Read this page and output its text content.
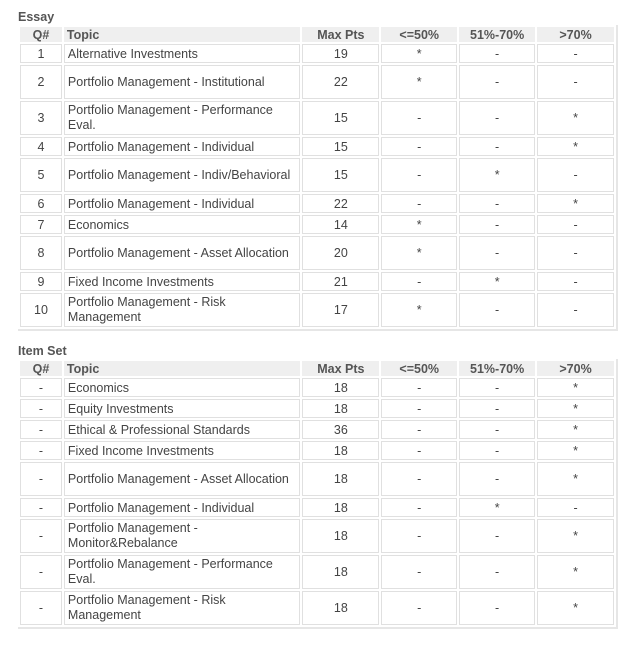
Essay
Q#	Topic	Max Pts	<=50%	51%-70%	>70%
1	Alternative Investments	19	*	-	-
2	Portfolio Management - Institutional	22	*	-	-
3	Portfolio Management - Performance Eval.	15	-	-	*
4	Portfolio Management - Individual	15	-	-	*
5	Portfolio Management - Indiv/Behavioral	15	-	*	-
6	Portfolio Management - Individual	22	-	-	*
7	Economics	14	*	-	-
8	Portfolio Management - Asset Allocation	20	*	-	-
9	Fixed Income Investments	21	-	*	-
10	Portfolio Management - Risk Management	17	*	-	-
Item Set
Q#	Topic	Max Pts	<=50%	51%-70%	>70%
-	Economics	18	-	-	*
-	Equity Investments	18	-	-	*
-	Ethical & Professional Standards	36	-	-	*
-	Fixed Income Investments	18	-	-	*
-	Portfolio Management - Asset Allocation	18	-	-	*
-	Portfolio Management - Individual	18	-	*	-
-	Portfolio Management - Monitor&Rebalance	18	-	-	*
-	Portfolio Management - Performance Eval.	18	-	-	*
-	Portfolio Management - Risk Management	18	-	-	*
